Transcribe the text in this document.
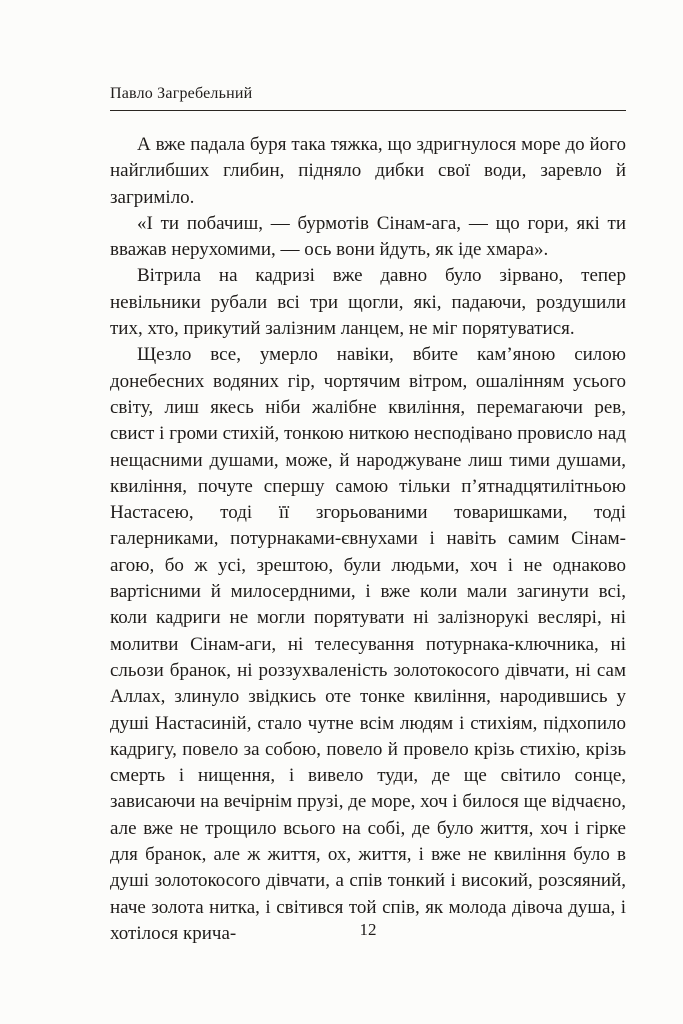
Павло Загребельний

А вже падала буря така тяжка, що здригнулося море до його найглибших глибин, підняло дибки свої води, заревло й загриміло.

«І ти побачиш, — бурмотів Сінам-ага, — що гори, які ти вважав нерухомими, — ось вони йдуть, як іде хмара».

Вітрила на кадризі вже давно було зірвано, тепер невільники рубали всі три щогли, які, падаючи, роздушили тих, хто, прикутий залізним ланцем, не міг порятуватися.

Щезло все, умерло навіки, вбите кам’яною силою донебесних водяних гір, чортячим вітром, ошалінням усього світу, лиш якесь ніби жалібне квиління, перемагаючи рев, свист і громи стихій, тонкою ниткою несподівано провисло над нещасними душами, може, й народжуване лиш тими душами, квиління, почуте спершу самою тільки п’ятнадцятилітньою Настасею, тоді її згорьованими товаришками, тоді галерниками, потурнаками-євнухами і навіть самим Сінам-агою, бо ж усі, зрештою, були людьми, хоч і не однаково вартісними й милосердними, і вже коли мали загинути всі, коли кадриги не могли порятувати ні залізнорукі веслярі, ні молитви Сінам-аги, ні телесування потурнака-ключника, ні сльози бранок, ні роззухваленість золотокосого дівчати, ні сам Аллах, злинуло звідкись оте тонке квиління, народившись у душі Настасиній, стало чутне всім людям і стихіям, підхопило кадригу, повело за собою, повело й провело крізь стихію, крізь смерть і нищення, і вивело туди, де ще світило сонце, зависаючи на вечірнім прузі, де море, хоч і билося ще відчаєно, але вже не трощило всього на собі, де було життя, хоч і гірке для бранок, але ж життя, ох, життя, і вже не квиління було в душі золотокосого дівчати, а спів тонкий і високий, розсяяний, наче золота нитка, і світився той спів, як молода дівоча душа, і хотілося крича-	12
